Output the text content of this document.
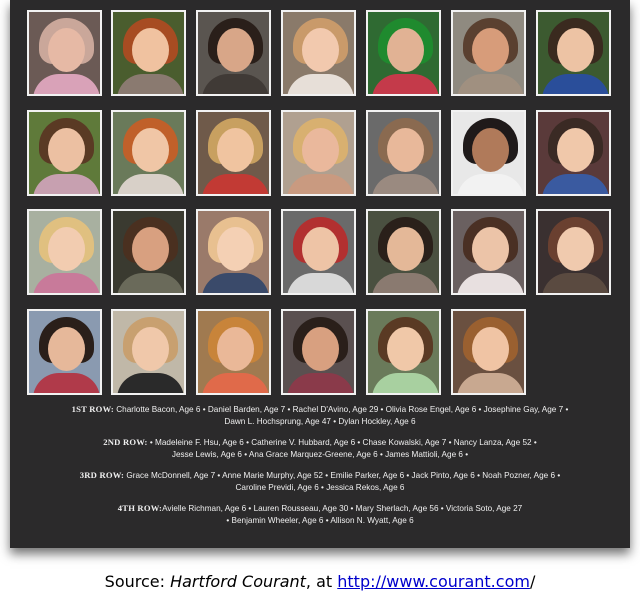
1ST ROW: Charlotte Bacon, Age 6 • Daniel Barden, Age 7 • Rachel D'Avino, Age 29 • Olivia Rose Engel, Age 6 • Josephine Gay, Age 7 •
Dawn L. Hochsprung, Age 47 • Dylan Hockley, Age 6
2ND ROW: • Madeleine F. Hsu, Age 6 • Catherine V. Hubbard, Age 6 • Chase Kowalski, Age 7 • Nancy Lanza, Age 52 •
Jesse Lewis, Age 6 • Ana Grace Marquez-Greene, Age 6 • James Mattioli, Age 6 •
3RD ROW: Grace McDonnell, Age 7 • Anne Marie Murphy, Age 52 • Emilie Parker, Age 6 • Jack Pinto, Age 6 • Noah Pozner, Age 6 •
Caroline Previdi, Age 6 • Jessica Rekos, Age 6
4TH ROW:Avielle Richman, Age 6 • Lauren Rousseau, Age 30 • Mary Sherlach, Age 56 • Victoria Soto, Age 27
• Benjamin Wheeler, Age 6 • Allison N. Wyatt, Age 6
Source: Hartford Courant, at http://www.courant.com/
